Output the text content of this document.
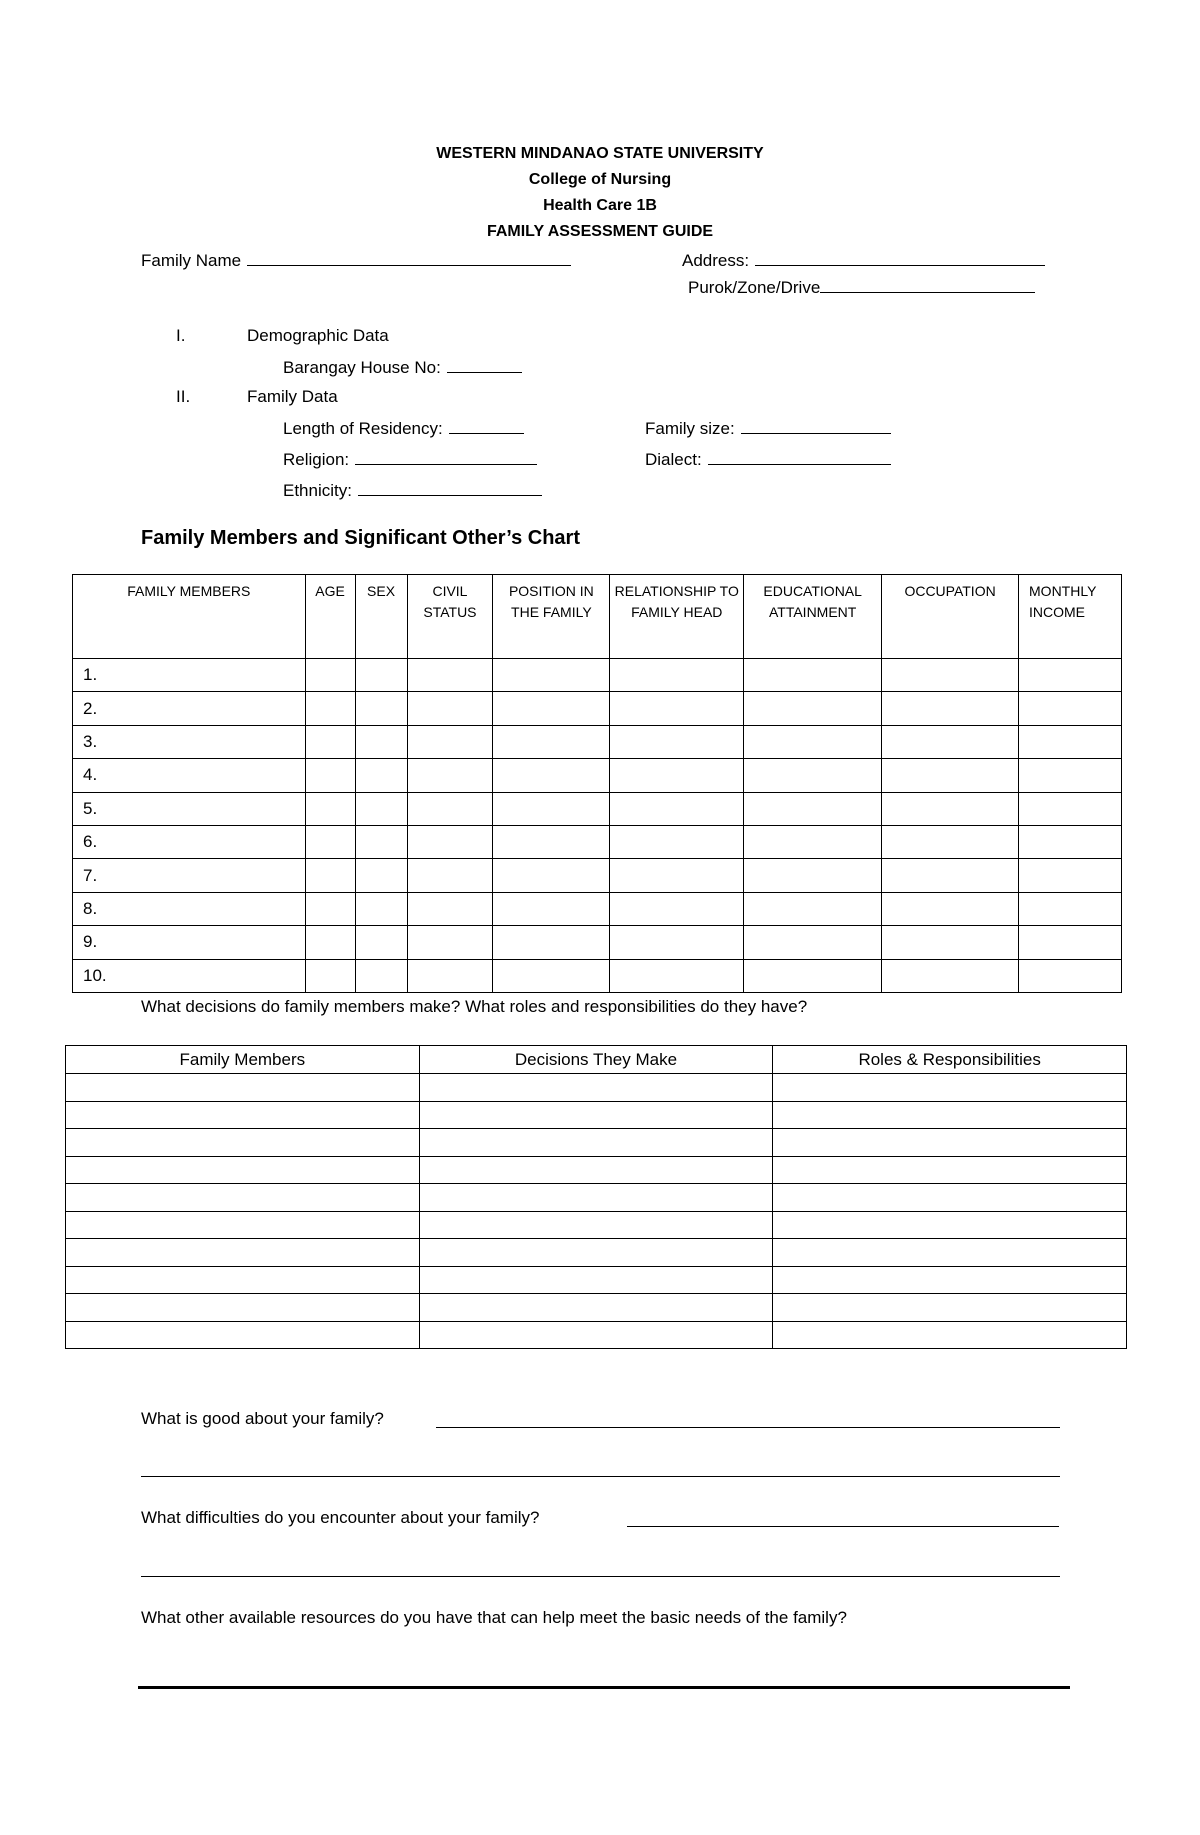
WESTERN MINDANAO STATE UNIVERSITY
College of Nursing
Health Care 1B
FAMILY ASSESSMENT GUIDE
Family Name	Address:
Purok/Zone/Drive
I.	Demographic Data
Barangay House No:
II.	Family Data
Length of Residency:	Family size:
Religion:	Dialect:
Ethnicity:
Family Members and Significant Other’s Chart
FAMILY MEMBERS	AGE	SEX	CIVIL STATUS	POSITION IN THE FAMILY	RELATIONSHIP TO FAMILY HEAD	EDUCATIONAL ATTAINMENT	OCCUPATION	MONTHLY INCOME
1.								
2.								
3.								
4.								
5.								
6.								
7.								
8.								
9.								
10.								
What decisions do family members make? What roles and responsibilities do they have?
Family Members	Decisions They Make	Roles & Responsibilities

What is good about your family?
What difficulties do you encounter about your family?
What other available resources do you have that can help meet the basic needs of the family?
